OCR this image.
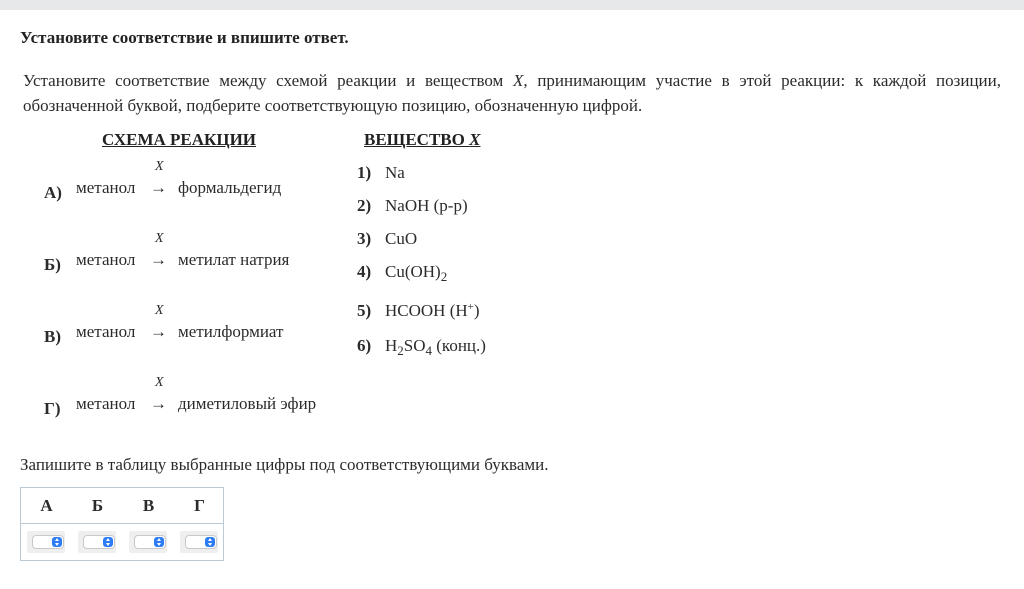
Установите соответствие и впишите ответ.
Установите соответствие между схемой реакции и веществом X, принимающим участие в этой реакции: к каждой позиции, обозначенной буквой, подберите соответствующую позицию, обозначенную цифрой.
СХЕМА РЕАКЦИИ	ВЕЩЕСТВО X
А) метанол
X
→ формальдегид
Б) метанол
X
→ метилат натрия
В) метанол
X
→ метилформиат
Г) метанол
X
→ диметиловый эфир
1) Na
2) NaOH (р-р)
3) CuO
4) $Cu(OH)_2$
5) HCOOH (H+)
6) $H_2SO_4$ (конц.)
Запишите в таблицу выбранные цифры под соответствующими буквами.
А	Б	В	Г
